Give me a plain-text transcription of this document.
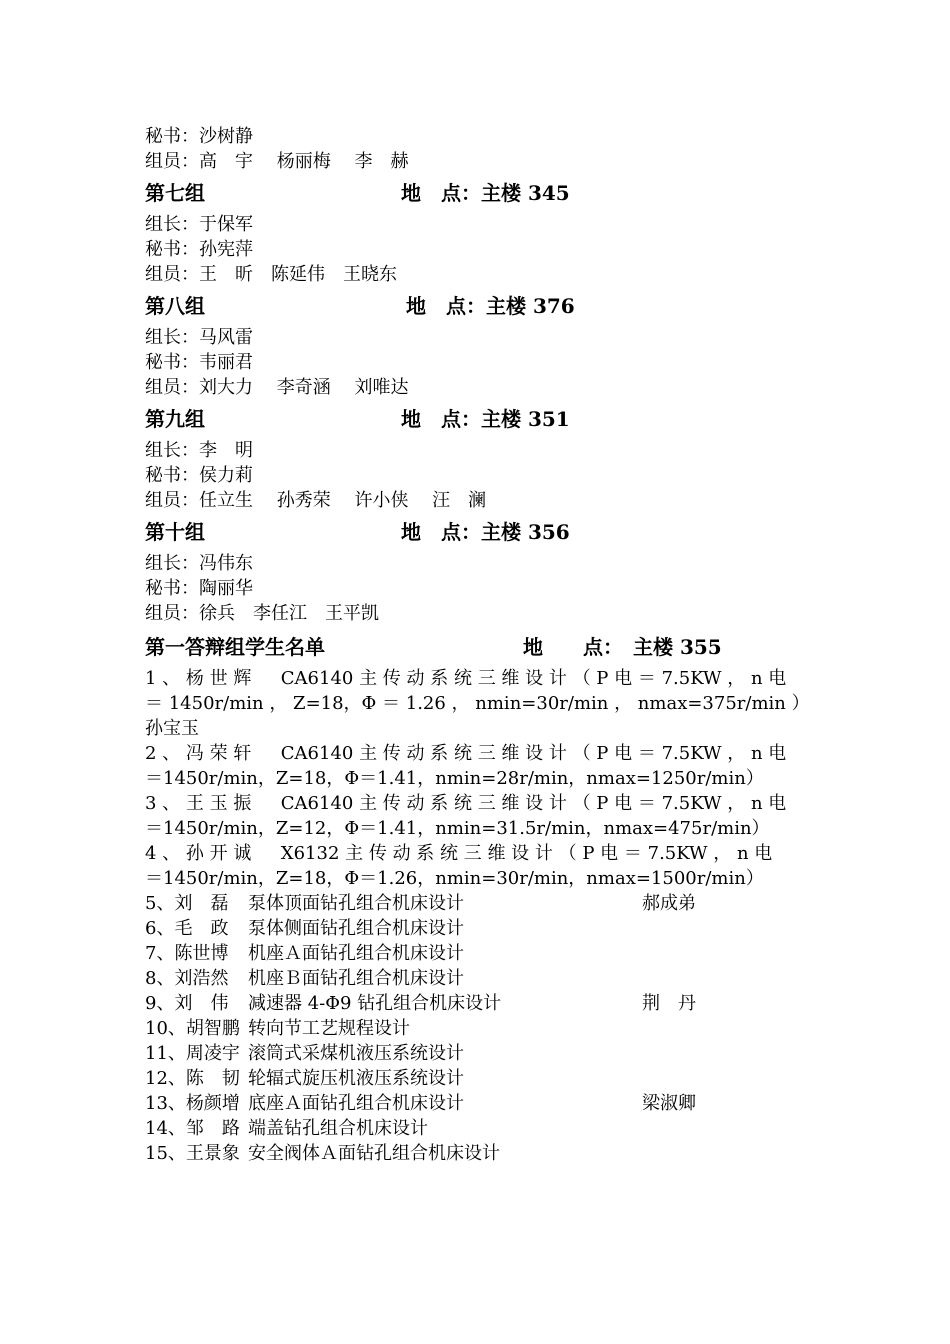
秘书：沙树静
组员：高　宇　 杨丽梅　 李　赫
第七组	地　点：主楼 345
组长：于保军
秘书：孙宪萍
组员：王　昕　陈延伟　王晓东
第八组	地　点：主楼 376
组长：马风雷
秘书：韦丽君
组员：刘大力　 李奇涵　 刘唯达
第九组	地　点：主楼 351
组长：李　明
秘书：侯力莉
组员：任立生　 孙秀荣　 许小侠　 汪　澜
第十组	地　点：主楼 356
组长：冯伟东
秘书：陶丽华
组员：徐兵　李任江　王平凯
第一答辩组学生名单	地　　点：　主楼 355
1 、 杨 世 辉 　 CA6140 主 传 动 系 统 三 维 设 计 （ P 电 ＝ 7.5KW ， n 电
＝ 1450r/min ， Z=18，Φ ＝ 1.26 ， nmin=30r/min ， nmax=375r/min ）
孙宝玉
2 、 冯 荣 轩 　 CA6140 主 传 动 系 统 三 维 设 计 （ P 电 ＝ 7.5KW ， n 电
＝1450r/min，Z=18，Φ＝1.41，nmin=28r/min，nmax=1250r/min）
3 、 王 玉 振 　 CA6140 主 传 动 系 统 三 维 设 计 （ P 电 ＝ 7.5KW ， n 电
＝1450r/min，Z=12，Φ＝1.41，nmin=31.5r/min，nmax=475r/min）
4 、 孙 开 诚 　 X6132 主 传 动 系 统 三 维 设 计 （ P 电 ＝ 7.5KW ， n 电
＝1450r/min，Z=18，Φ＝1.26，nmin=30r/min，nmax=1500r/min）
5、刘　磊 泵体顶面钻孔组合机床设计	郝成弟
6、毛　政 泵体侧面钻孔组合机床设计
7、陈世博 机座Ａ面钻孔组合机床设计
8、刘浩然 机座Ｂ面钻孔组合机床设计
9、刘　伟 减速器 4-Φ9 钻孔组合机床设计	荆　丹
10、胡智鹏 转向节工艺规程设计
11、周凌宇 滚筒式采煤机液压系统设计
12、陈　韧 轮辐式旋压机液压系统设计
13、杨颜增 底座Ａ面钻孔组合机床设计	梁淑卿
14、邹　路 端盖钻孔组合机床设计
15、王景象 安全阀体Ａ面钻孔组合机床设计
